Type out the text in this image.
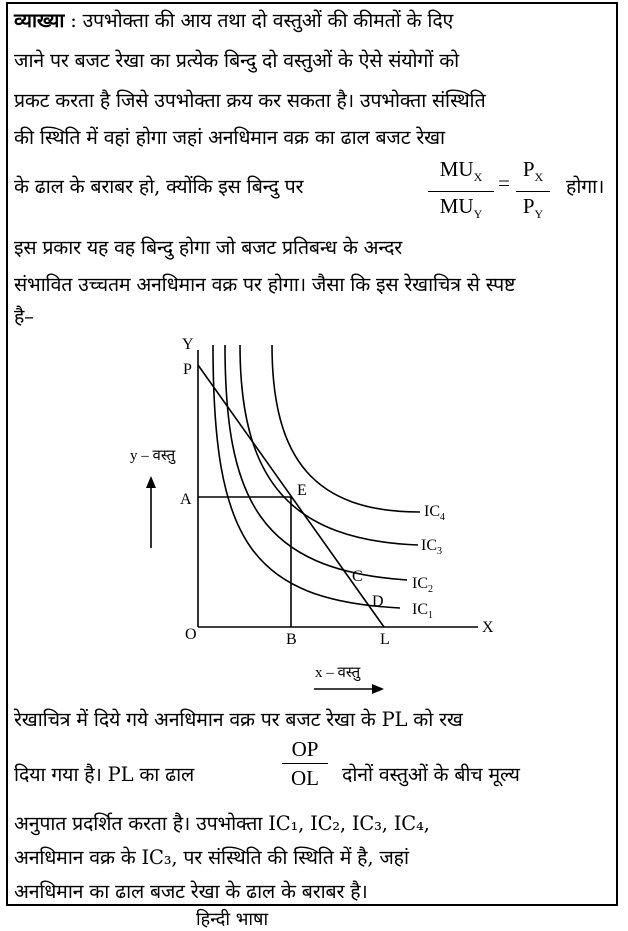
व्याख्या : उपभोक्ता की आय तथा दो वस्तुओं की कीमतों के दिए
जाने पर बजट रेखा का प्रत्येक बिन्दु दो वस्तुओं के ऐसे संयोगों को
प्रकट करता है जिसे उपभोक्ता क्रय कर सकता है। उपभोक्ता संस्थिति
की स्थिति में वहां होगा जहां अनधिमान वक्र का ढाल बजट रेखा
के ढाल के बराबर हो, क्योंकि इस बिन्दु पर
$MU_X$
$MU_Y$
=
$P_X$
$P_Y$
होगा।
इस प्रकार यह वह बिन्दु होगा जो बजट प्रतिबन्ध के अन्दर
संभावित उच्चतम अनधिमान वक्र पर होगा। जैसा कि इस रेखाचित्र से स्पष्ट
है–
Y
X
O
P
A
E
C
D
B	L
$IC_1$
$IC_2$
$IC_3$
$IC_4$
y – वस्तु
x – वस्तु
रेखाचित्र में दिये गये अनधिमान वक्र पर बजट रेखा के PL को रख
दिया गया है। PL का ढाल
OP
OL	दोनों वस्तुओं के बीच मूल्य
अनुपात प्रदर्शित करता है। उपभोक्ता IC₁, IC₂, IC₃, IC₄,
अनधिमान वक्र के IC₃, पर संस्थिति की स्थिति में है, जहां
अनधिमान का ढाल बजट रेखा के ढाल के बराबर है।
हिन्दी भाषा
